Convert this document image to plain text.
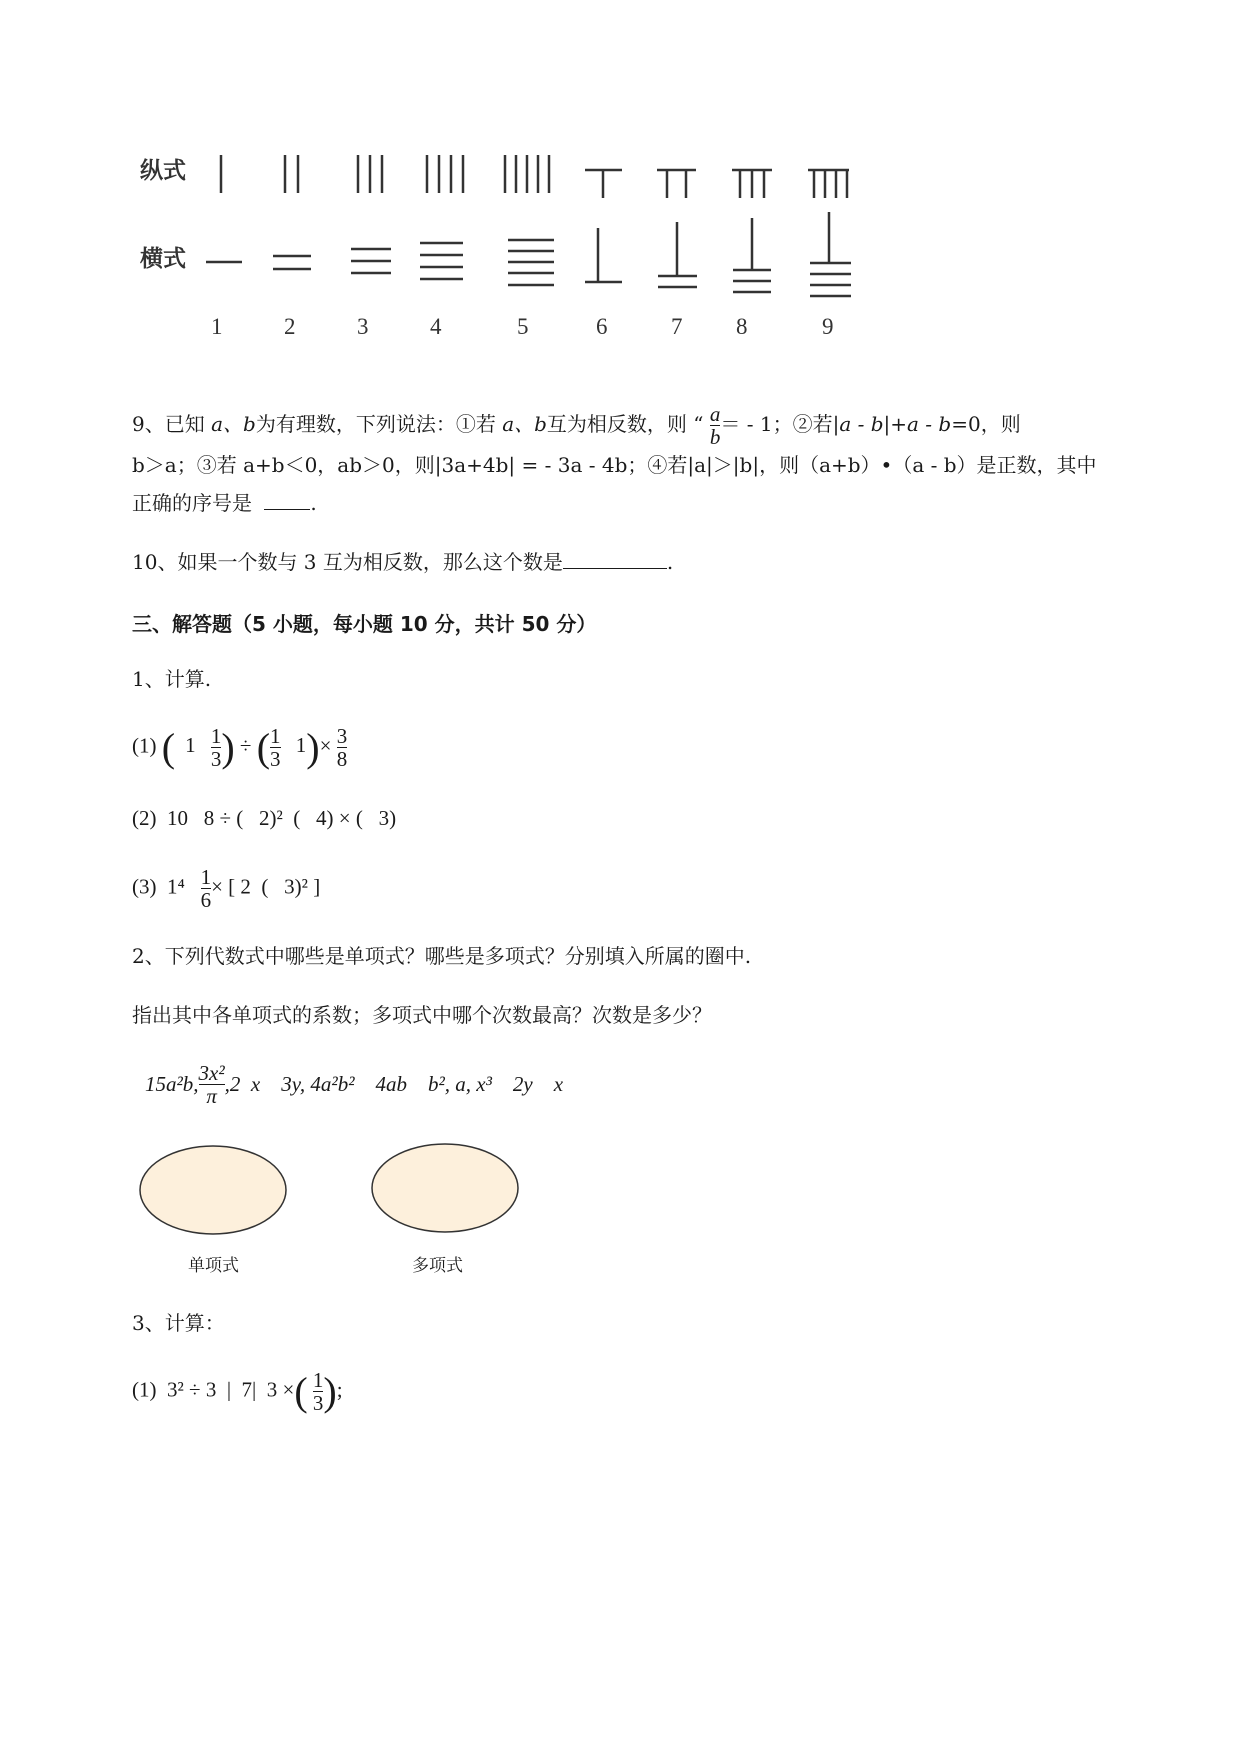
纵式
横式
1	2	3	4	5	6	7 8	9
9、已知 a、b为有理数，下列说法：①若 a、b互为相反数，则 “ $\frac{a}{b}$ ＝ - 1；②若|a - b|+a - b=0，则
b＞a；③若 a+b＜0，ab＞0，则|3a+4b| = - 3a - 4b；④若|a|＞|b|，则（a+b）•（a - b）是正数，其中
正确的序号是	.
10、如果一个数与 3 互为相反数，那么这个数是	.
三、解答题（5 小题，每小题 10 分，共计 50 分）
1、计算.
(1) ( $1 \frac{1}{3}$ ) ÷ ( $\frac{1}{3} 1)\times \frac{3}{8}$
(2) 10   8 ÷ (   2)²  (   4) × (   3)
(3) $1^4 \frac{1}{6}$ × [ 2  (   3)² ]
2、下列代数式中哪些是单项式？哪些是多项式？分别填入所属的圈中.
指出其中各单项式的系数；多项式中哪个次数最高？次数是多少？
15a²b, $\frac{\text{3x²}}{\pi} ,2$  x    3y, 4a²b²    4ab    b², a, x³    2y    x
单项式	多项式
3、计算：
(1) 3² ÷ 3  |  7|  3 ×( $\frac{1}{3}$ );
